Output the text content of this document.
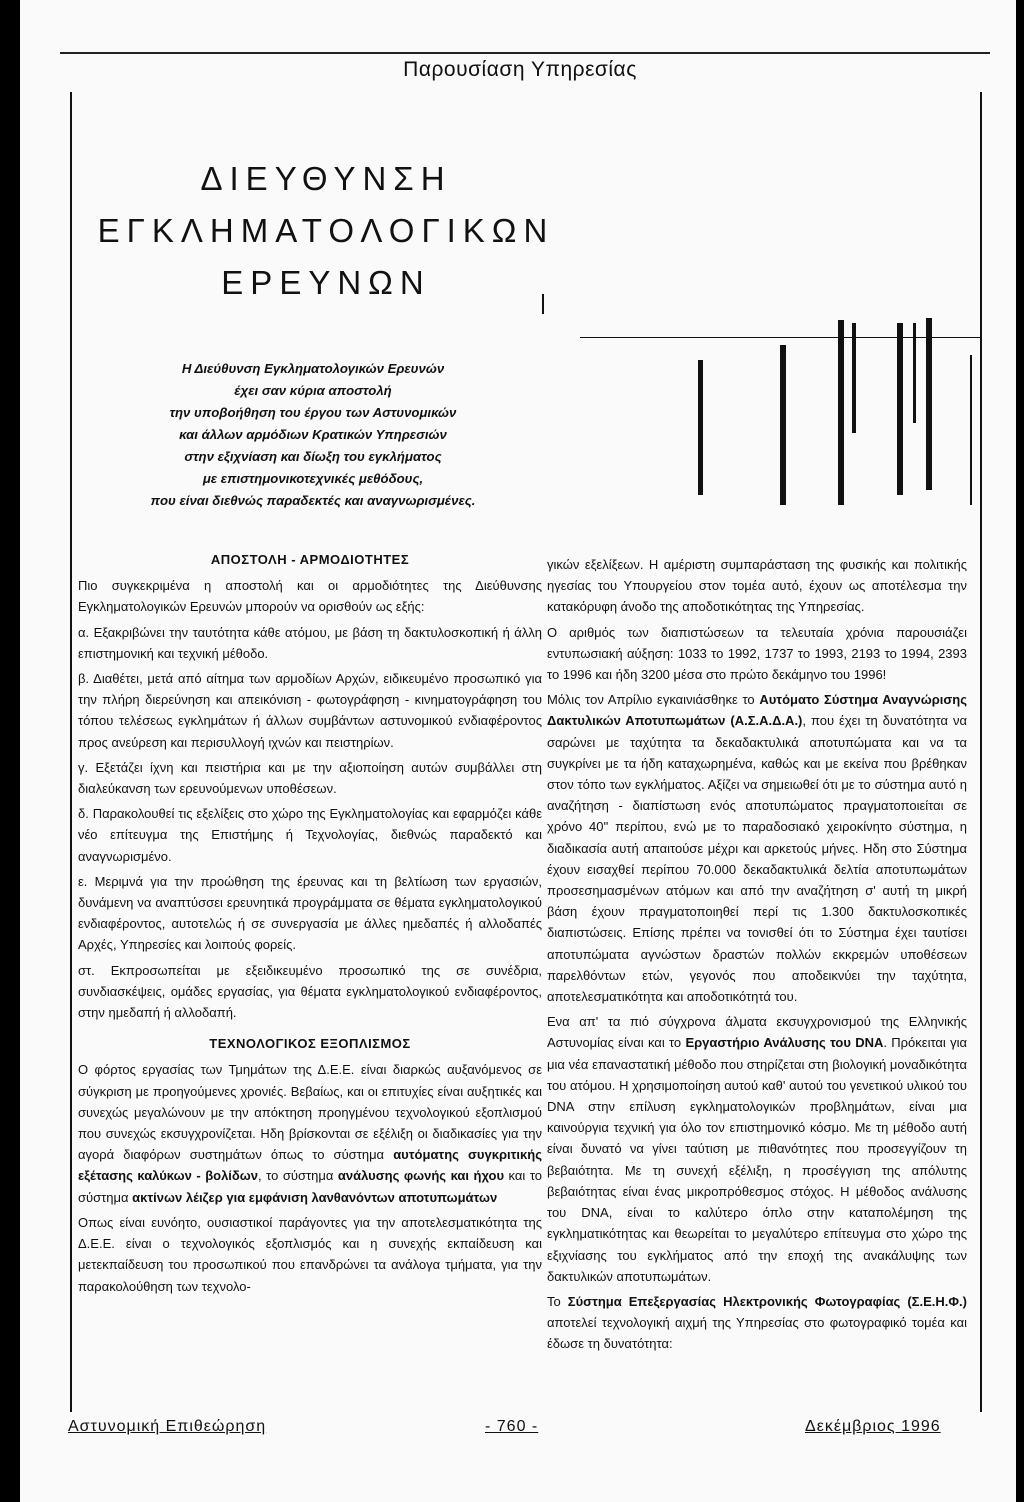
Παρουσίαση Υπηρεσίας
ΔΙΕΥΘΥΝΣΗ
ΕΓΚΛΗΜΑΤΟΛΟΓΙΚΩΝ
ΕΡΕΥΝΩΝ
Η Διεύθυνση Εγκληματολογικών Ερευνών
έχει σαν κύρια αποστολή
την υποβοήθηση του έργου των Αστυνομικών
και άλλων αρμόδιων Κρατικών Υπηρεσιών
στην εξιχνίαση και δίωξη του εγκλήματος
με επιστημονικοτεχνικές μεθόδους,
που είναι διεθνώς παραδεκτές και αναγνωρισμένες.
ΑΠΟΣΤΟΛΗ - ΑΡΜΟΔΙΟΤΗΤΕΣ

Πιο συγκεκριμένα η αποστολή και οι αρμοδιότητες της Διεύθυνσης Εγκληματολογικών Ερευνών μπορούν να ορισθούν ως εξής:

α. Εξακριβώνει την ταυτότητα κάθε ατόμου, με βάση τη δακτυλοσκοπική ή άλλη επιστημονική και τεχνική μέθοδο.

β. Διαθέτει, μετά από αίτημα των αρμοδίων Αρχών, ειδικευμένο προσωπικό για την πλήρη διερεύνηση και απεικόνιση - φωτογράφηση - κινηματογράφηση του τόπου τελέσεως εγκλημάτων ή άλλων συμβάντων αστυνομικού ενδιαφέροντος προς ανεύρεση και περισυλλογή ιχνών και πειστηρίων.

γ. Εξετάζει ίχνη και πειστήρια και με την αξιοποίηση αυτών συμβάλλει στη διαλεύκανση των ερευνούμενων υποθέσεων.

δ. Παρακολουθεί τις εξελίξεις στο χώρο της Εγκληματολογίας και εφαρμόζει κάθε νέο επίτευγμα της Επιστήμης ή Τεχνολογίας, διεθνώς παραδεκτό και αναγνωρισμένο.

ε. Μεριμνά για την προώθηση της έρευνας και τη βελτίωση των εργασιών, δυνάμενη να αναπτύσσει ερευνητικά προγράμματα σε θέματα εγκληματολογικού ενδιαφέροντος, αυτοτελώς ή σε συνεργασία με άλλες ημεδαπές ή αλλοδαπές Αρχές, Υπηρεσίες και λοιπούς φορείς.

στ. Εκπροσωπείται με εξειδικευμένο προσωπικό της σε συνέδρια, συνδιασκέψεις, ομάδες εργασίας, για θέματα εγκληματολογικού ενδιαφέροντος, στην ημεδαπή ή αλλοδαπή.

ΤΕΧΝΟΛΟΓΙΚΟΣ ΕΞΟΠΛΙΣΜΟΣ

Ο φόρτος εργασίας των Τμημάτων της Δ.Ε.Ε. είναι διαρκώς αυξανόμενος σε σύγκριση με προηγούμενες χρονιές. Βεβαίως, και οι επιτυχίες είναι αυξητικές και συνεχώς μεγαλώνουν με την απόκτηση προηγμένου τεχνολογικού εξοπλισμού που συνεχώς εκσυγχρονίζεται. Ηδη βρίσκονται σε εξέλιξη οι διαδικασίες για την αγορά διαφόρων συστημάτων όπως το σύστημα αυτόματης συγκριτικής εξέτασης καλύκων - βολίδων, το σύστημα ανάλυσης φωνής και ήχου και το σύστημα ακτίνων λέιζερ για εμφάνιση λανθανόντων αποτυπωμάτων

Οπως είναι ευνόητο, ουσιαστικοί παράγοντες για την αποτελεσματικότητα της Δ.Ε.Ε. είναι ο τεχνολογικός εξοπλισμός και η συνεχής εκπαίδευση και μετεκπαίδευση του προσωπικού που επανδρώνει τα ανάλογα τμήματα, για την παρακολούθηση των τεχνολο-

γικών εξελίξεων. Η αμέριστη συμπαράσταση της φυσικής και πολιτικής ηγεσίας του Υπουργείου στον τομέα αυτό, έχουν ως αποτέλεσμα την κατακόρυφη άνοδο της αποδοτικότητας της Υπηρεσίας.

Ο αριθμός των διαπιστώσεων τα τελευταία χρόνια παρουσιάζει εντυπωσιακή αύξηση: 1033 το 1992, 1737 το 1993, 2193 το 1994, 2393 το 1996 και ήδη 3200 μέσα στο πρώτο δεκάμηνο του 1996!

Μόλις τον Απρίλιο εγκαινιάσθηκε το Αυτόματο Σύστημα Αναγνώρισης Δακτυλικών Αποτυπωμάτων (Α.Σ.Α.Δ.Α.), που έχει τη δυνατότητα να σαρώνει με ταχύτητα τα δεκαδακτυλικά αποτυπώματα και να τα συγκρίνει με τα ήδη καταχωρημένα, καθώς και με εκείνα που βρέθηκαν στον τόπο των εγκλήματος. Αξίζει να σημειωθεί ότι με το σύστημα αυτό η αναζήτηση - διαπίστωση ενός αποτυπώματος πραγματοποιείται σε χρόνο 40'' περίπου, ενώ με το παραδοσιακό χειροκίνητο σύστημα, η διαδικασία αυτή απαιτούσε μέχρι και αρκετούς μήνες. Ηδη στο Σύστημα έχουν εισαχθεί περίπου 70.000 δεκαδακτυλικά δελτία αποτυπωμάτων προσεσημασμένων ατόμων και από την αναζήτηση σ' αυτή τη μικρή βάση έχουν πραγματοποιηθεί περί τις 1.300 δακτυλοσκοπικές διαπιστώσεις. Επίσης πρέπει να τονισθεί ότι το Σύστημα έχει ταυτίσει αποτυπώματα αγνώστων δραστών πολλών εκκρεμών υποθέσεων παρελθόντων ετών, γεγονός που αποδεικνύει την ταχύτητα, αποτελεσματικότητα και αποδοτικότητά του.

Ενα απ' τα πιό σύγχρονα άλματα εκσυγχρονισμού της Ελληνικής Αστυνομίας είναι και το Εργαστήριο Ανάλυσης του DNA. Πρόκειται για μια νέα επαναστατική μέθοδο που στηρίζεται στη βιολογική μοναδικότητα του ατόμου. Η χρησιμοποίηση αυτού καθ' αυτού του γενετικού υλικού του DNA στην επίλυση εγκληματολογικών προβλημάτων, είναι μια καινούργια τεχνική για όλο τον επιστημονικό κόσμο. Με τη μέθοδο αυτή είναι δυνατό να γίνει ταύτιση με πιθανότητες που προσεγγίζουν τη βεβαιότητα. Με τη συνεχή εξέλιξη, η προσέγγιση της απόλυτης βεβαιότητας είναι ένας μικροπρόθεσμος στόχος. Η μέθοδος ανάλυσης του DNA, είναι το καλύτερο όπλο στην καταπολέμηση της εγκληματικότητας και θεωρείται το μεγαλύτερο επίτευγμα στο χώρο της εξιχνίασης του εγκλήματος από την εποχή της ανακάλυψης των δακτυλικών αποτυπωμάτων.

Το Σύστημα Επεξεργασίας Ηλεκτρονικής Φωτογραφίας (Σ.Ε.Η.Φ.) αποτελεί τεχνολογική αιχμή της Υπηρεσίας στο φωτογραφικό τομέα και έδωσε τη δυνατότητα:

Αστυνομική Επιθεώρηση	- 760 -	Δεκέμβριος 1996
